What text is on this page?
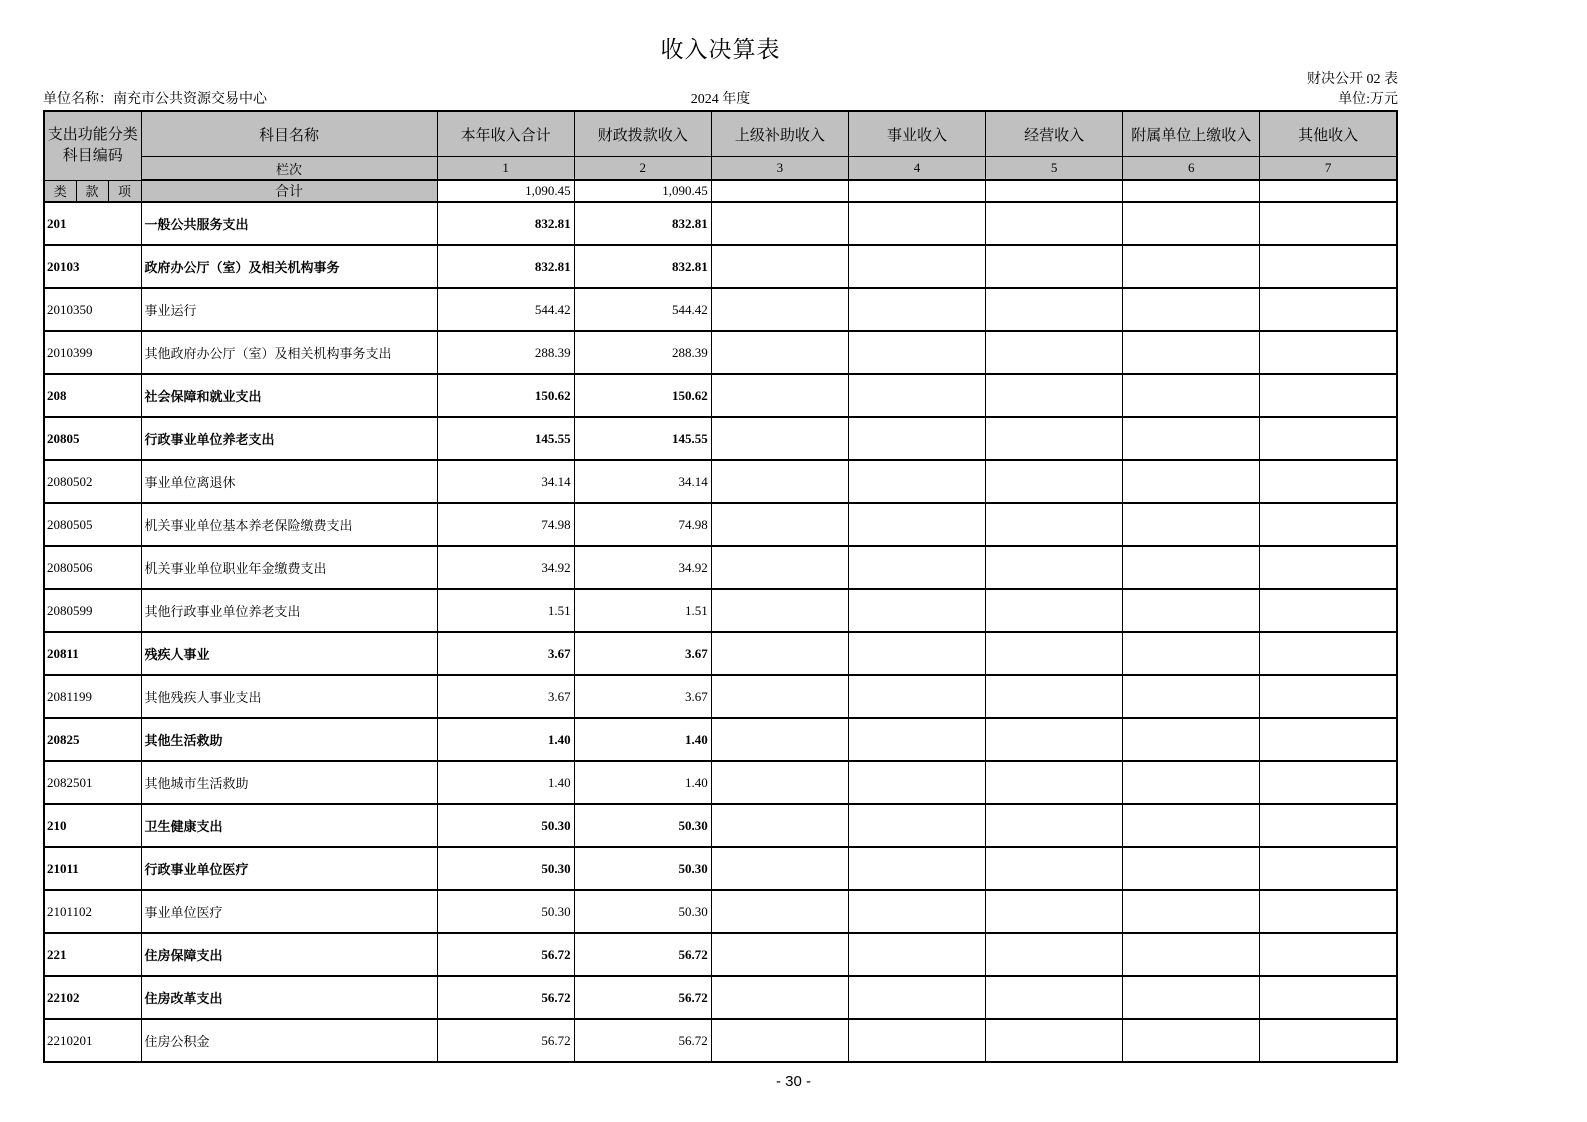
收入决算表
财决公开 02 表
单位名称：南充市公共资源交易中心	2024 年度	单位:万元
支出功能分类
科目编码			科目名称	本年收入合计	财政拨款收入	上级补助收入	事业收入	经营收入	附属单位上缴收入	其他收入
			栏次	1	2	3	4	5	6	7
类	款	项	合计	1,090.45	1,090.45					
201			一般公共服务支出	832.81	832.81					
20103			政府办公厅（室）及相关机构事务	832.81	832.81					
2010350			事业运行	544.42	544.42					
2010399			其他政府办公厅（室）及相关机构事务支出	288.39	288.39					
208			社会保障和就业支出	150.62	150.62					
20805			行政事业单位养老支出	145.55	145.55					
2080502			事业单位离退休	34.14	34.14					
2080505			机关事业单位基本养老保险缴费支出	74.98	74.98					
2080506			机关事业单位职业年金缴费支出	34.92	34.92					
2080599			其他行政事业单位养老支出	1.51	1.51					
20811			残疾人事业	3.67	3.67					
2081199			其他残疾人事业支出	3.67	3.67					
20825			其他生活救助	1.40	1.40					
2082501			其他城市生活救助	1.40	1.40					
210			卫生健康支出	50.30	50.30					
21011			行政事业单位医疗	50.30	50.30					
2101102			事业单位医疗	50.30	50.30					
221			住房保障支出	56.72	56.72					
22102			住房改革支出	56.72	56.72					
2210201			住房公积金	56.72	56.72					
- 30 -
